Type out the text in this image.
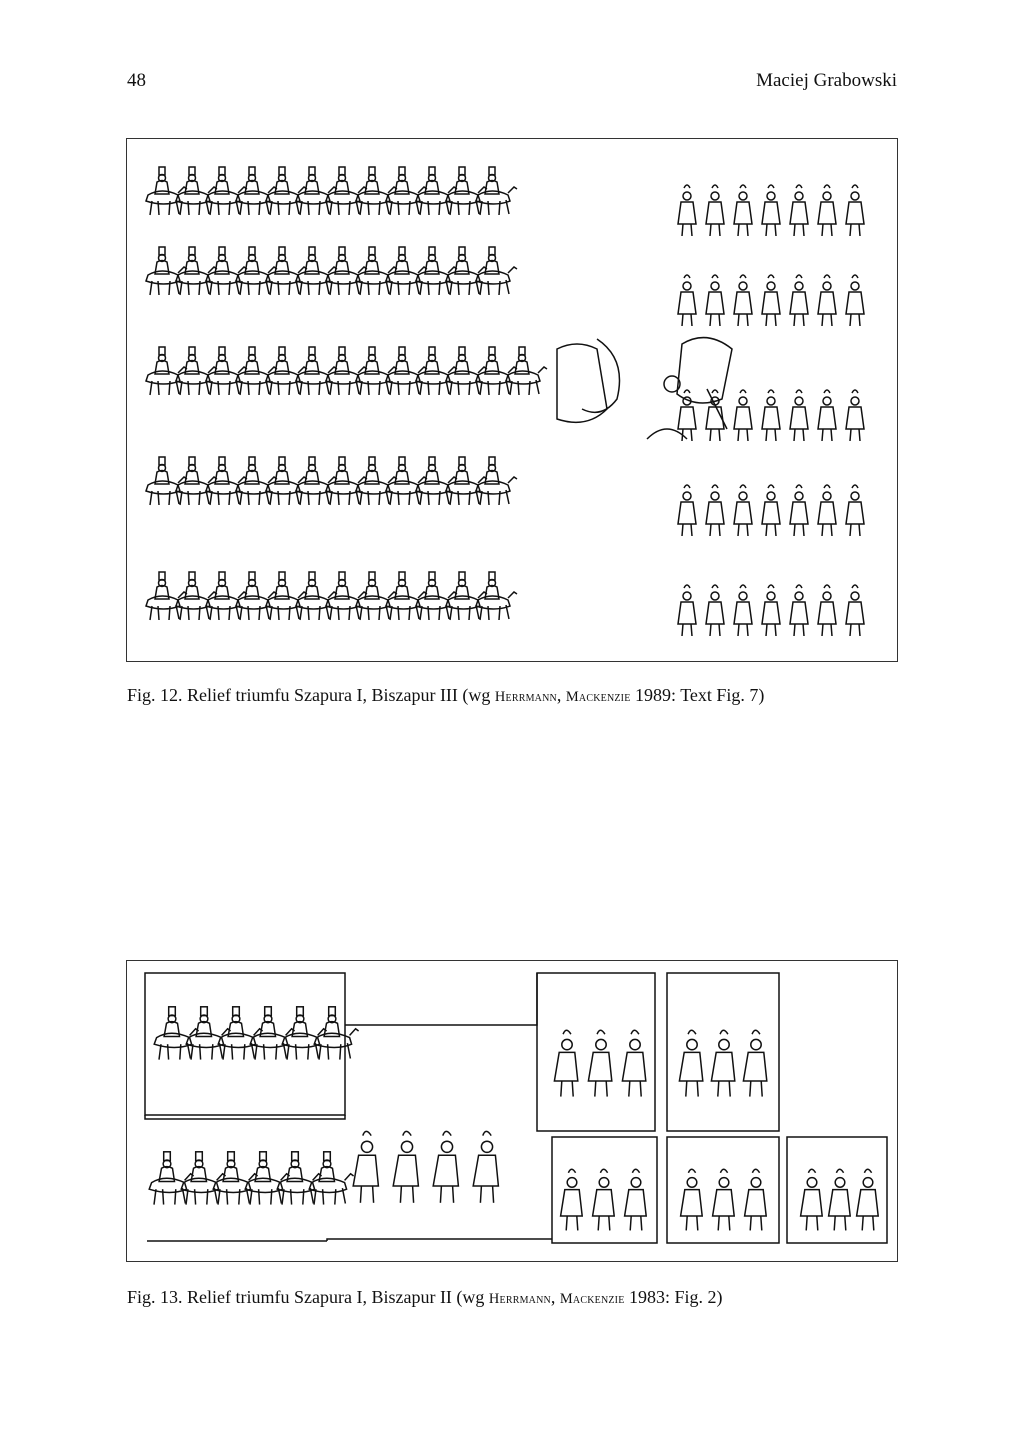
48	Maciej Grabowski
Fig. 12. Relief triumfu Szapura I, Biszapur III (wg Herrmann, Mackenzie 1989: Text Fig. 7)
Fig. 13. Relief triumfu Szapura I, Biszapur II (wg Herrmann, Mackenzie 1983: Fig. 2)
